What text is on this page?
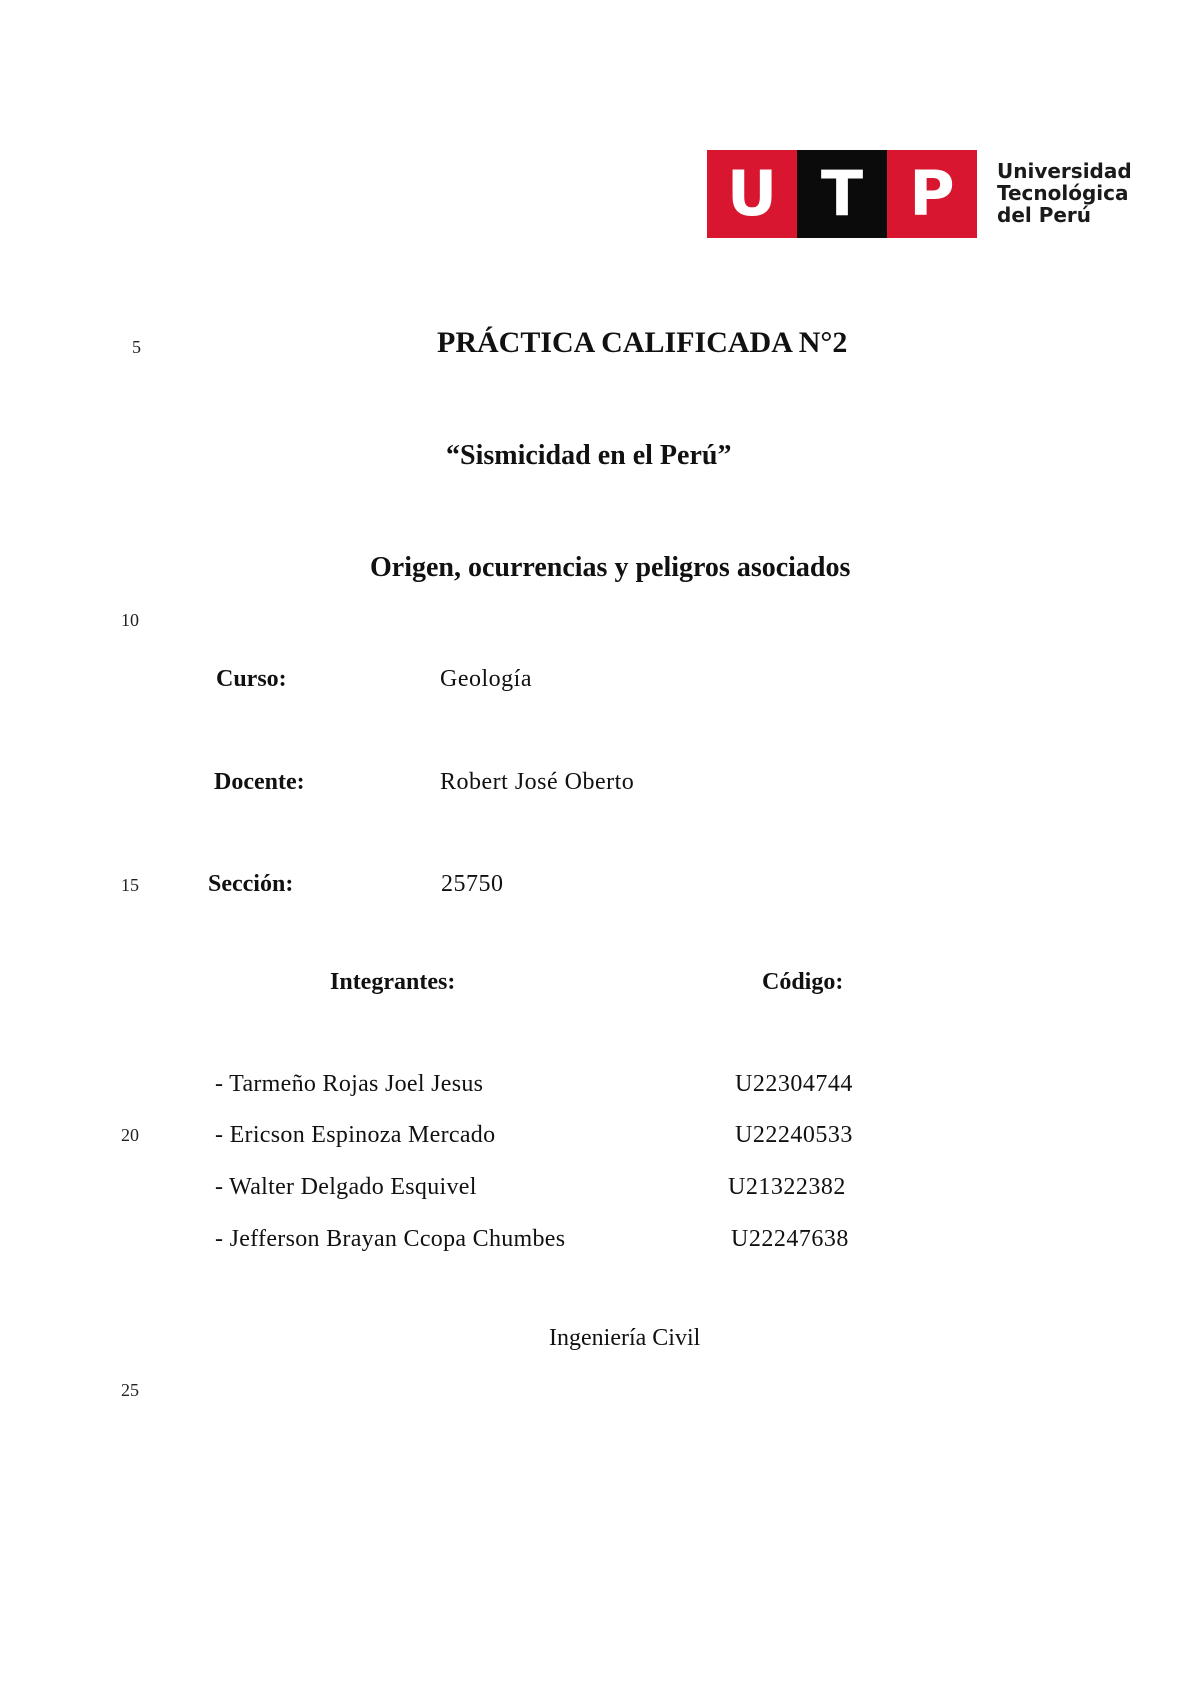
U T P	Universidad
Tecnológica
del Perú
5
10
15
20
25
PRÁCTICA CALIFICADA N°2
“Sismicidad en el Perú”
Origen, ocurrencias y peligros asociados
Curso:	Geología
Docente:	Robert José Oberto
Sección:	25750
Integrantes:	Código:
- Tarmeño Rojas Joel Jesus	U22304744
- Ericson Espinoza Mercado	U22240533
- Walter Delgado Esquivel	U21322382
- Jefferson Brayan Ccopa Chumbes	U22247638
Ingeniería Civil
